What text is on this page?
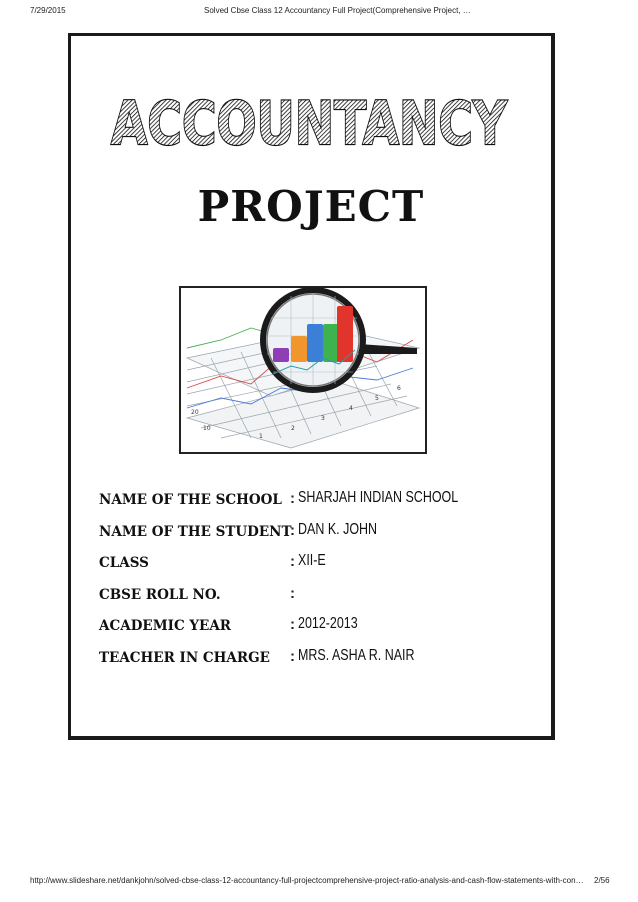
7/29/2015	Solved Cbse Class 12 Accountancy Full Project(Comprehensive Project, …
ACCOUNTANCY
PROJECT
20
10
1
2
3
4
5
6
NAME OF THE SCHOOL : SHARJAH INDIAN SCHOOL
NAME OF THE STUDENT
: DAN K. JOHN
CLASS	: XII-E
CBSE ROLL NO.	:
ACADEMIC YEAR	: 2012-2013
TEACHER IN CHARGE : MRS. ASHA R. NAIR
http://www.slideshare.net/dankjohn/solved-cbse-class-12-accountancy-full-projectcomprehensive-project-ratio-analysis-and-cash-flow-statements-with-con… 2/56
